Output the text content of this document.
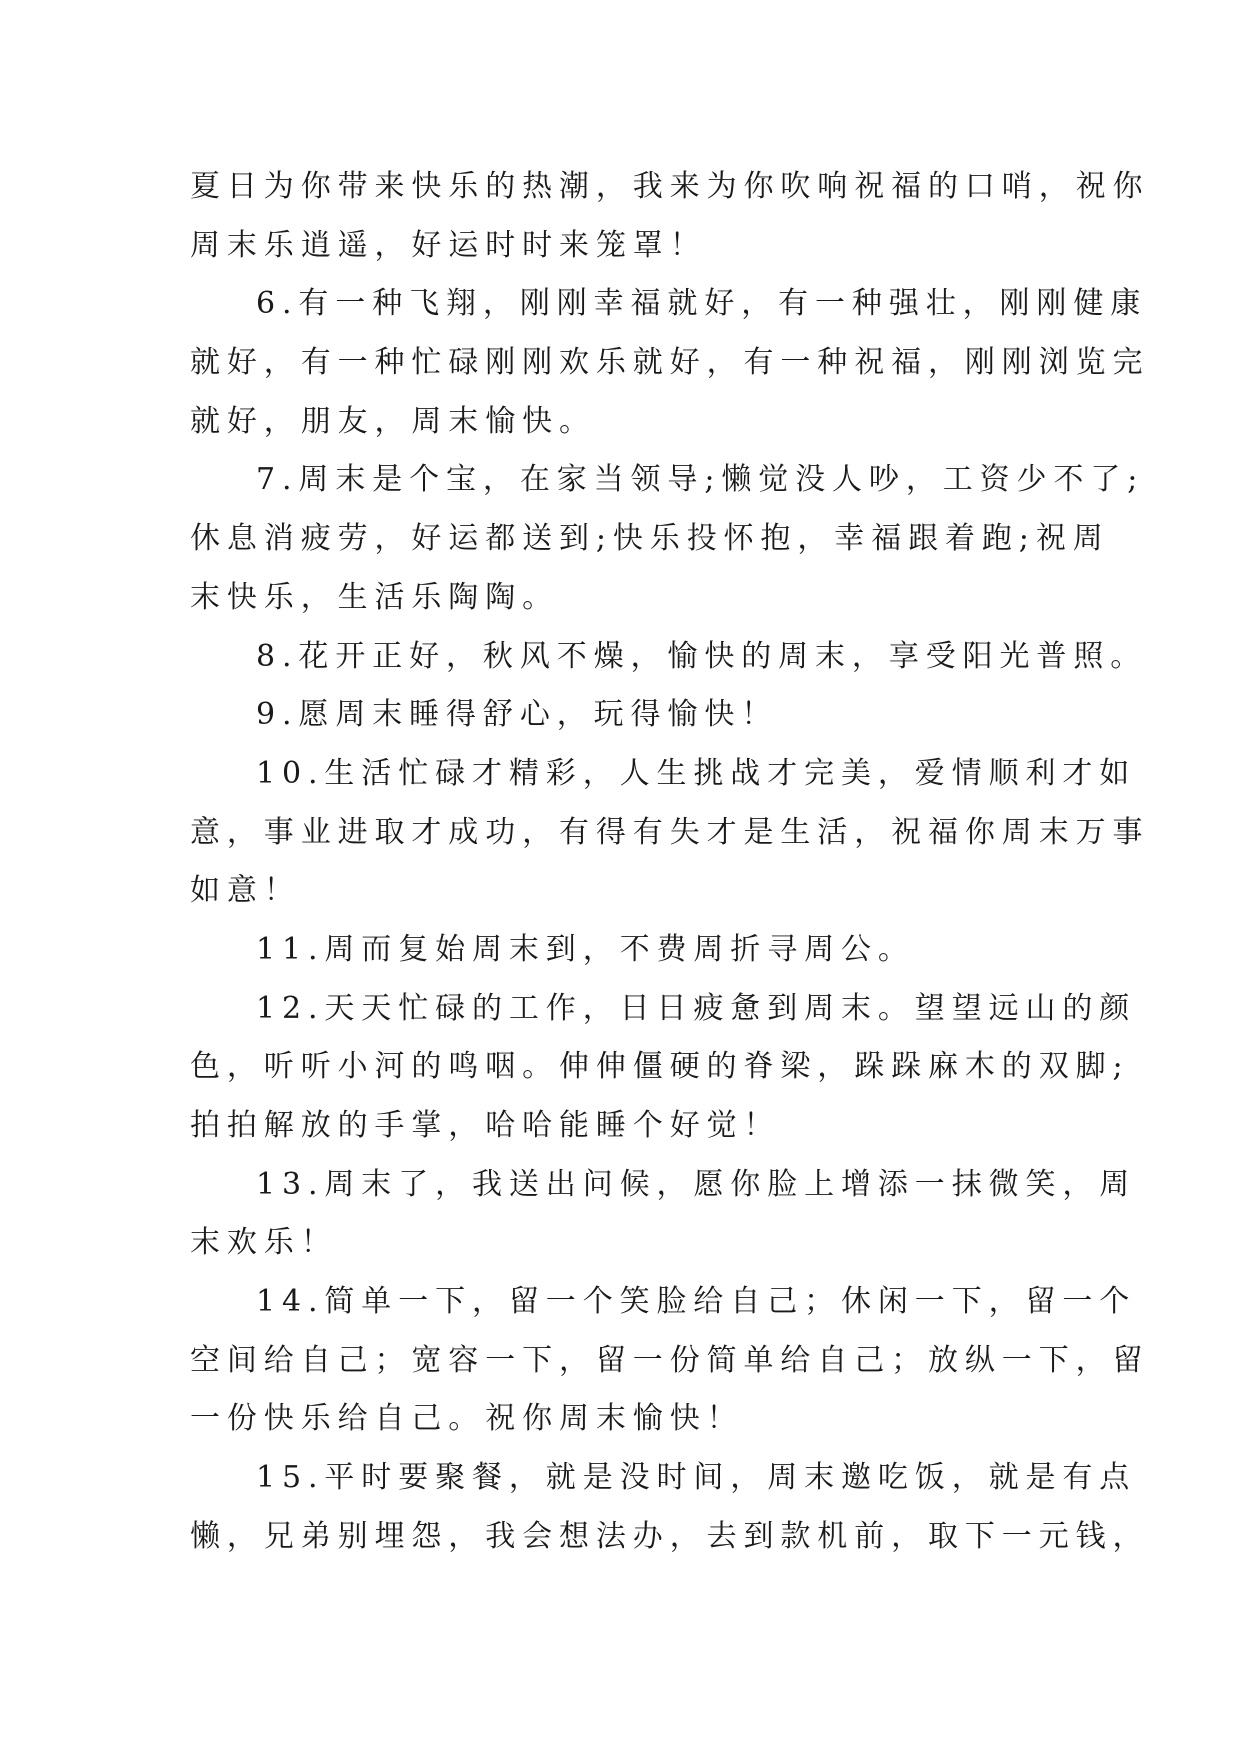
夏日为你带来快乐的热潮，我来为你吹响祝福的口哨，祝你
周末乐逍遥，好运时时来笼罩！
6.有一种飞翔，刚刚幸福就好，有一种强壮，刚刚健康
就好，有一种忙碌刚刚欢乐就好，有一种祝福，刚刚浏览完
就好，朋友，周末愉快。
7.周末是个宝，在家当领导;懒觉没人吵，工资少不了;
休息消疲劳，好运都送到;快乐投怀抱，幸福跟着跑;祝周
末快乐，生活乐陶陶。
8.花开正好，秋风不燥，愉快的周末，享受阳光普照。
9.愿周末睡得舒心，玩得愉快！
10.生活忙碌才精彩，人生挑战才完美，爱情顺利才如
意，事业进取才成功，有得有失才是生活，祝福你周末万事
如意！
11.周而复始周末到，不费周折寻周公。
12.天天忙碌的工作，日日疲惫到周末。望望远山的颜
色，听听小河的鸣咽。伸伸僵硬的脊梁，跺跺麻木的双脚;
拍拍解放的手掌，哈哈能睡个好觉！
13.周末了，我送出问候，愿你脸上增添一抹微笑，周
末欢乐！
14.简单一下，留一个笑脸给自己；休闲一下，留一个
空间给自己；宽容一下，留一份简单给自己；放纵一下，留
一份快乐给自己。祝你周末愉快！
15.平时要聚餐，就是没时间，周末邀吃饭，就是有点
懒，兄弟别埋怨，我会想法办，去到款机前，取下一元钱，
